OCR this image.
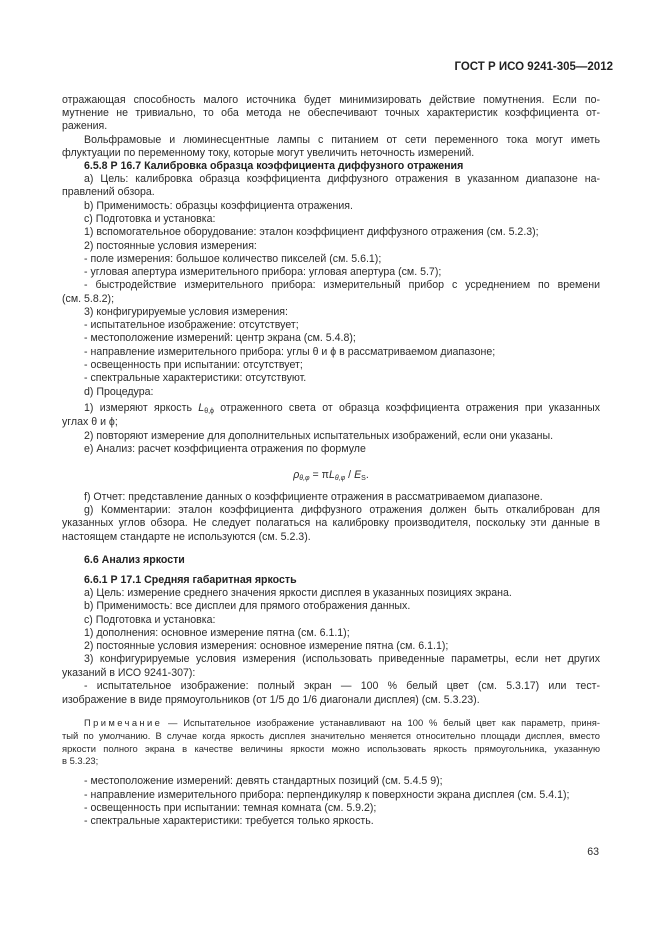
ГОСТ Р ИСО 9241-305—2012
отражающая способность малого источника будет минимизировать действие помутнения. Если по-
мутнение не тривиально, то оба метода не обеспечивают точных характеристик коэффициента от-
ражения.
Вольфрамовые и люминесцентные лампы с питанием от сети переменного тока могут иметь
флуктуации по переменному току, которые могут увеличить неточность измерений.
6.5.8 Р 16.7 Калибровка образца коэффициента диффузного отражения
а) Цель: калибровка образца коэффициента диффузного отражения в указанном диапазоне на-
правлений обзора.
b) Применимость: образцы коэффициента отражения.
c) Подготовка и установка:
1) вспомогательное оборудование: эталон коэффициент диффузного отражения (см. 5.2.3);
2) постоянные условия измерения:
- поле измерения: большое количество пикселей (см. 5.6.1);
- угловая апертура измерительного прибора: угловая апертура (см. 5.7);
- быстродействие измерительного прибора: измерительный прибор с усреднением по времени
(см. 5.8.2);
3) конфигурируемые условия измерения:
- испытательное изображение: отсутствует;
- местоположение измерений: центр экрана (см. 5.4.8);
- направление измерительного прибора: углы θ и ϕ в рассматриваемом диапазоне;
- освещенность при испытании: отсутствует;
- спектральные характеристики: отсутствуют.
d) Процедура:
1) измеряют яркость $L_{\theta,\phi}$ отраженного света от образца коэффициента отражения при указанных
углах θ и ϕ;
2) повторяют измерение для дополнительных испытательных изображений, если они указаны.
e) Анализ: расчет коэффициента отражения по формуле
$\rho_{\theta,\varphi} = \pi L_{\theta,\varphi} / E_S$.
f) Отчет: представление данных о коэффициенте отражения в рассматриваемом диапазоне.
g) Комментарии: эталон коэффициента диффузного отражения должен быть откалиброван для
указанных углов обзора. Не следует полагаться на калибровку производителя, поскольку эти данные в
настоящем стандарте не используются (см. 5.2.3).
6.6 Анализ яркости
6.6.1 Р 17.1 Средняя габаритная яркость
а) Цель: измерение среднего значения яркости дисплея в указанных позициях экрана.
b) Применимость: все дисплеи для прямого отображения данных.
c) Подготовка и установка:
1) дополнения: основное измерение пятна (см. 6.1.1);
2) постоянные условия измерения: основное измерение пятна (см. 6.1.1);
3) конфигурируемые условия измерения (использовать приведенные параметры, если нет других
указаний в ИСО 9241-307):
- испытательное изображение: полный экран — 100 % белый цвет (см. 5.3.17) или тест-
изображение в виде прямоугольников (от 1/5 до 1/6 диагонали дисплея) (см. 5.3.23).
Примечание — Испытательное изображение устанавливают на 100 % белый цвет как параметр, приня-
тый по умолчанию. В случае когда яркость дисплея значительно меняется относительно площади дисплея, вместо
яркости полного экрана в качестве величины яркости можно использовать яркость прямоугольника, указанную
в 5.3.23;
- местоположение измерений: девять стандартных позиций (см. 5.4.5 9);
- направление измерительного прибора: перпендикуляр к поверхности экрана дисплея (см. 5.4.1);
- освещенность при испытании: темная комната (см. 5.9.2);
- спектральные характеристики: требуется только яркость.
63
